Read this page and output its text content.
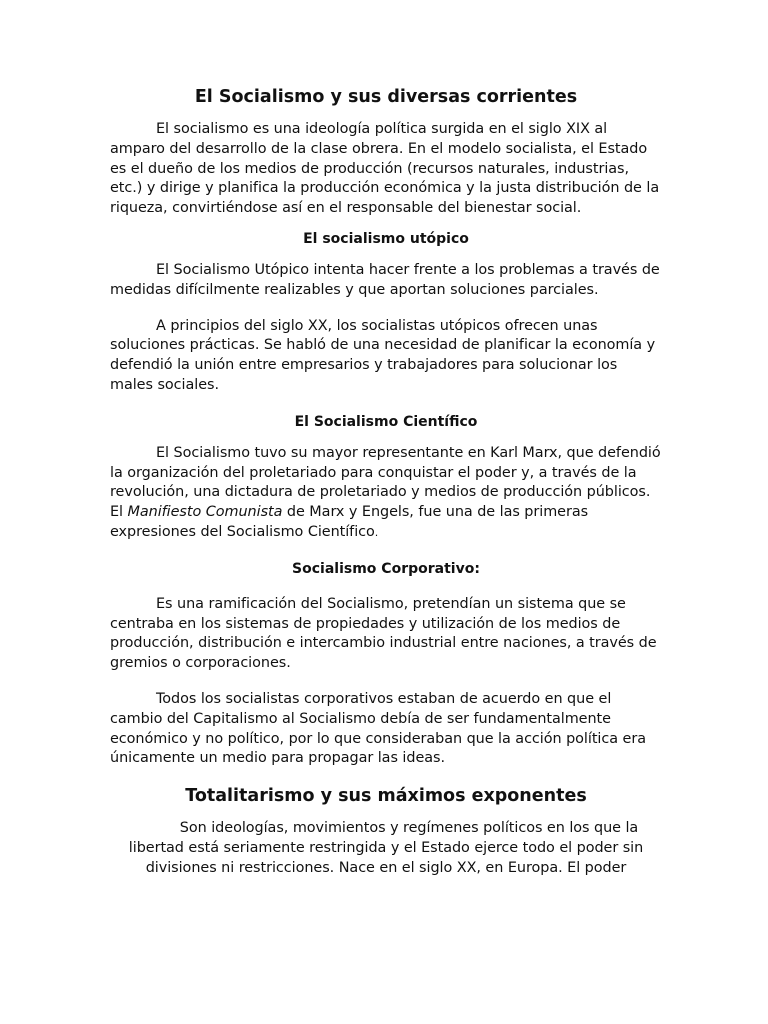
El Socialismo y sus diversas corrientes

El socialismo es una ideología política surgida en el siglo XIX al amparo del desarrollo de la clase obrera. En el modelo socialista, el Estado es el dueño de los medios de producción (recursos naturales, industrias, etc.) y dirige y planifica la producción económica y la justa distribución de la riqueza, convirtiéndose así en el responsable del bienestar social.

El socialismo utópico

El Socialismo Utópico intenta hacer frente a los problemas a través de medidas difícilmente realizables y que aportan soluciones parciales.

A principios del siglo XX, los socialistas utópicos ofrecen unas soluciones prácticas. Se habló de una necesidad de planificar la economía y defendió la unión entre empresarios y trabajadores para solucionar los males sociales.

El Socialismo Científico

El Socialismo tuvo su mayor representante en Karl Marx, que defendió la organización del proletariado para conquistar el poder y, a través de la revolución, una dictadura de proletariado y medios de producción públicos. El Manifiesto Comunista de Marx y Engels, fue una de las primeras expresiones del Socialismo Científico.

Socialismo Corporativo:

Es una ramificación del Socialismo, pretendían un sistema que se centraba en los sistemas de propiedades y utilización de los medios de producción, distribución e intercambio industrial entre naciones, a través de gremios o corporaciones.

Todos los socialistas corporativos estaban de acuerdo en que el cambio del Capitalismo al Socialismo debía de ser fundamentalmente económico y no político, por lo que consideraban que la acción política era únicamente un medio para propagar las ideas.

Totalitarismo y sus máximos exponentes

Son ideologías, movimientos y regímenes políticos en los que la libertad está seriamente restringida y el Estado ejerce todo el poder sin divisiones ni restricciones. Nace en el siglo XX, en Europa. El poder
